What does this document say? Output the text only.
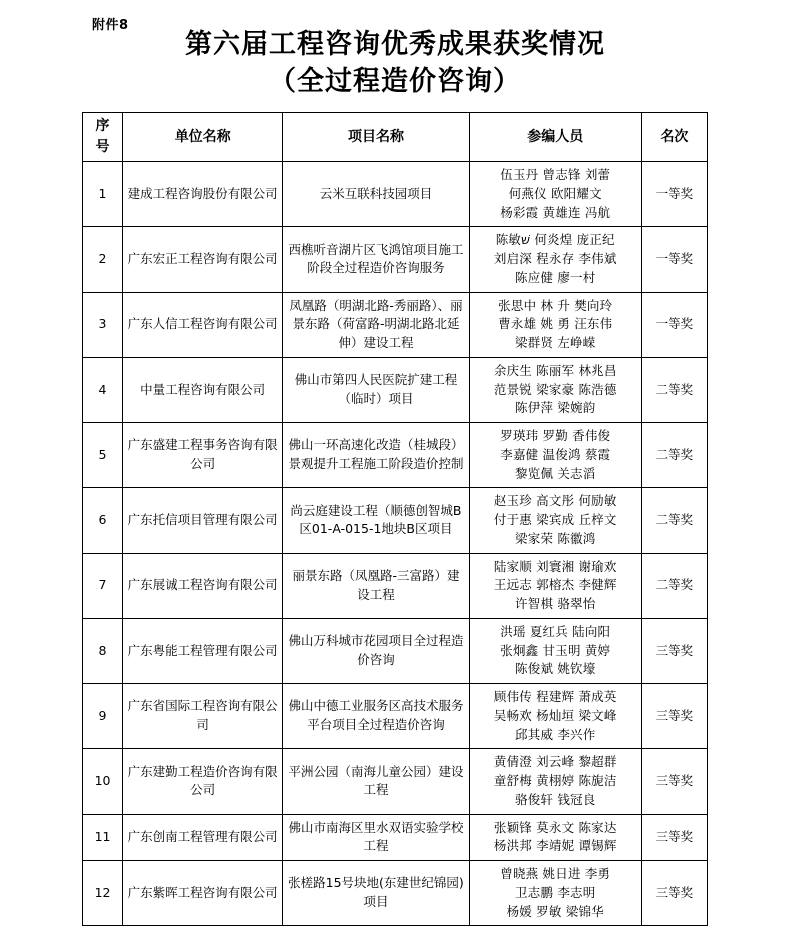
附件8
第六届工程咨询优秀成果获奖情况
（全过程造价咨询）
序
号	单位名称	项目名称	参编人员	名次
1	建成工程咨询股份有限公司	云米互联科技园项目	伍玉丹 曾志锋 刘蕾
何燕仪 欧阳耀文
杨彩霞 黄雄连 冯航	一等奖
2	广东宏正工程咨询有限公司	西樵听音湖片区飞鸿馆项目施工阶段全过程造价咨询服务	陈敏שׁ 何炎煌 庞正纪
刘启深 程永存 李伟斌
陈应健 廖一村	一等奖
3	广东人信工程咨询有限公司	凤凰路（明湖北路-秀丽路）、丽景东路（荷富路-明湖北路北延伸）建设工程	张思中 林 升 樊向玲
曹永雄 姚 勇 汪东伟
梁群贤 左峥嵘	一等奖
4	中量工程咨询有限公司	佛山市第四人民医院扩建工程（临时）项目	余庆生 陈丽军 林兆昌
范景锐 梁家豪 陈浩德
陈伊萍 梁婉韵	二等奖
5	广东盛建工程事务咨询有限公司	佛山一环高速化改造（桂城段）景观提升工程施工阶段造价控制	罗瑛玮 罗勤 香伟俊
李嘉健 温俊鸿 蔡霞
黎览佩 关志滔	二等奖
6	广东托信项目管理有限公司	尚云庭建设工程（顺德创智城B区01-A-015-1地块B区项目	赵玉珍 高文彤 何励敏
付于惠 梁宾成 丘梓文
梁家荣 陈徽鸿	二等奖
7	广东展诚工程咨询有限公司	丽景东路（凤凰路-三富路）建设工程	陆家顺 刘寰湘 谢瑜欢
王远志 郭榕杰 李健辉
许智棋 骆翠怡	二等奖
8	广东粤能工程管理有限公司	佛山万科城市花园项目全过程造价咨询	洪瑶 夏红兵 陆向阳
张炯鑫 甘玉明 黄婷
陈俊斌 姚钦壕	三等奖
9	广东省国际工程咨询有限公司	佛山中德工业服务区高技术服务平台项目全过程造价咨询	顾伟传 程建辉 萧成英
吴畅欢 杨灿垣 梁文峰
邱其威 李兴作	三等奖
10	广东建勤工程造价咨询有限公司	平洲公园（南海儿童公园）建设工程	黄倩澄 刘云峰 黎超群
童舒梅 黄栩婷 陈旎洁
骆俊轩 钱冠良	三等奖
11	广东创南工程管理有限公司	佛山市南海区里水双语实验学校工程	张颖锋 莫永文 陈家达
杨洪邦 李靖妮 谭锡辉	三等奖
12	广东紫晖工程咨询有限公司	张槎路15号块地(东建世纪锦园)项目	曾晓燕 姚日进 李勇
卫志鹏 李志明
杨媛 罗敏 梁锦华	三等奖
